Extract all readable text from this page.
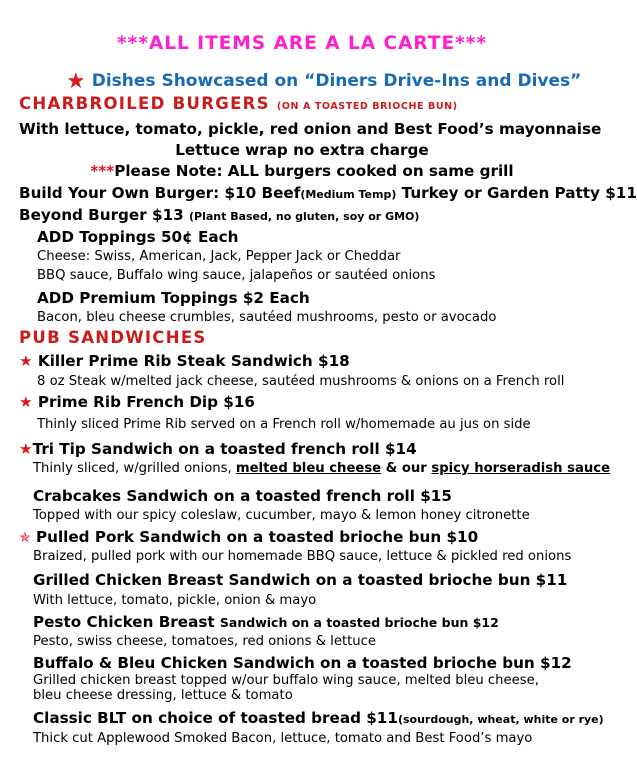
***ALL ITEMS ARE A LA CARTE***
★ Dishes Showcased on “Diners Drive-Ins and Dives”
CHARBROILED BURGERS (ON A TOASTED BRIOCHE BUN)
With lettuce, tomato, pickle, red onion and Best Food’s mayonnaise
Lettuce wrap no extra charge
***Please Note: ALL burgers cooked on same grill
Build Your Own Burger: $10 Beef(Medium Temp) Turkey or Garden Patty $11
Beyond Burger $13 (Plant Based, no gluten, soy or GMO)
ADD Toppings 50¢ Each
Cheese: Swiss, American, Jack, Pepper Jack or Cheddar
BBQ sauce, Buffalo wing sauce, jalapeños or sautéed onions
ADD Premium Toppings $2 Each
Bacon, bleu cheese crumbles, sautéed mushrooms, pesto or avocado
PUB SANDWICHES
★ Killer Prime Rib Steak Sandwich $18
8 oz Steak w/melted jack cheese, sautéed mushrooms & onions on a French roll
★ Prime Rib French Dip $16
Thinly sliced Prime Rib served on a French roll w/homemade au jus on side
★Tri Tip Sandwich on a toasted french roll $14
Thinly sliced, w/grilled onions, melted bleu cheese & our spicy horseradish sauce
Crabcakes Sandwich on a toasted french roll $15
Topped with our spicy coleslaw, cucumber, mayo & lemon honey citronette
✯ Pulled Pork Sandwich on a toasted brioche bun $10
Braized, pulled pork with our homemade BBQ sauce, lettuce & pickled red onions
Grilled Chicken Breast Sandwich on a toasted brioche bun $11
With lettuce, tomato, pickle, onion & mayo
Pesto Chicken Breast Sandwich on a toasted brioche bun $12
Pesto, swiss cheese, tomatoes, red onions & lettuce
Buffalo & Bleu Chicken Sandwich on a toasted brioche bun $12
Grilled chicken breast topped w/our buffalo wing sauce, melted bleu cheese,
bleu cheese dressing, lettuce & tomato
Classic BLT on choice of toasted bread $11(sourdough, wheat, white or rye)
Thick cut Applewood Smoked Bacon, lettuce, tomato and Best Food’s mayo
